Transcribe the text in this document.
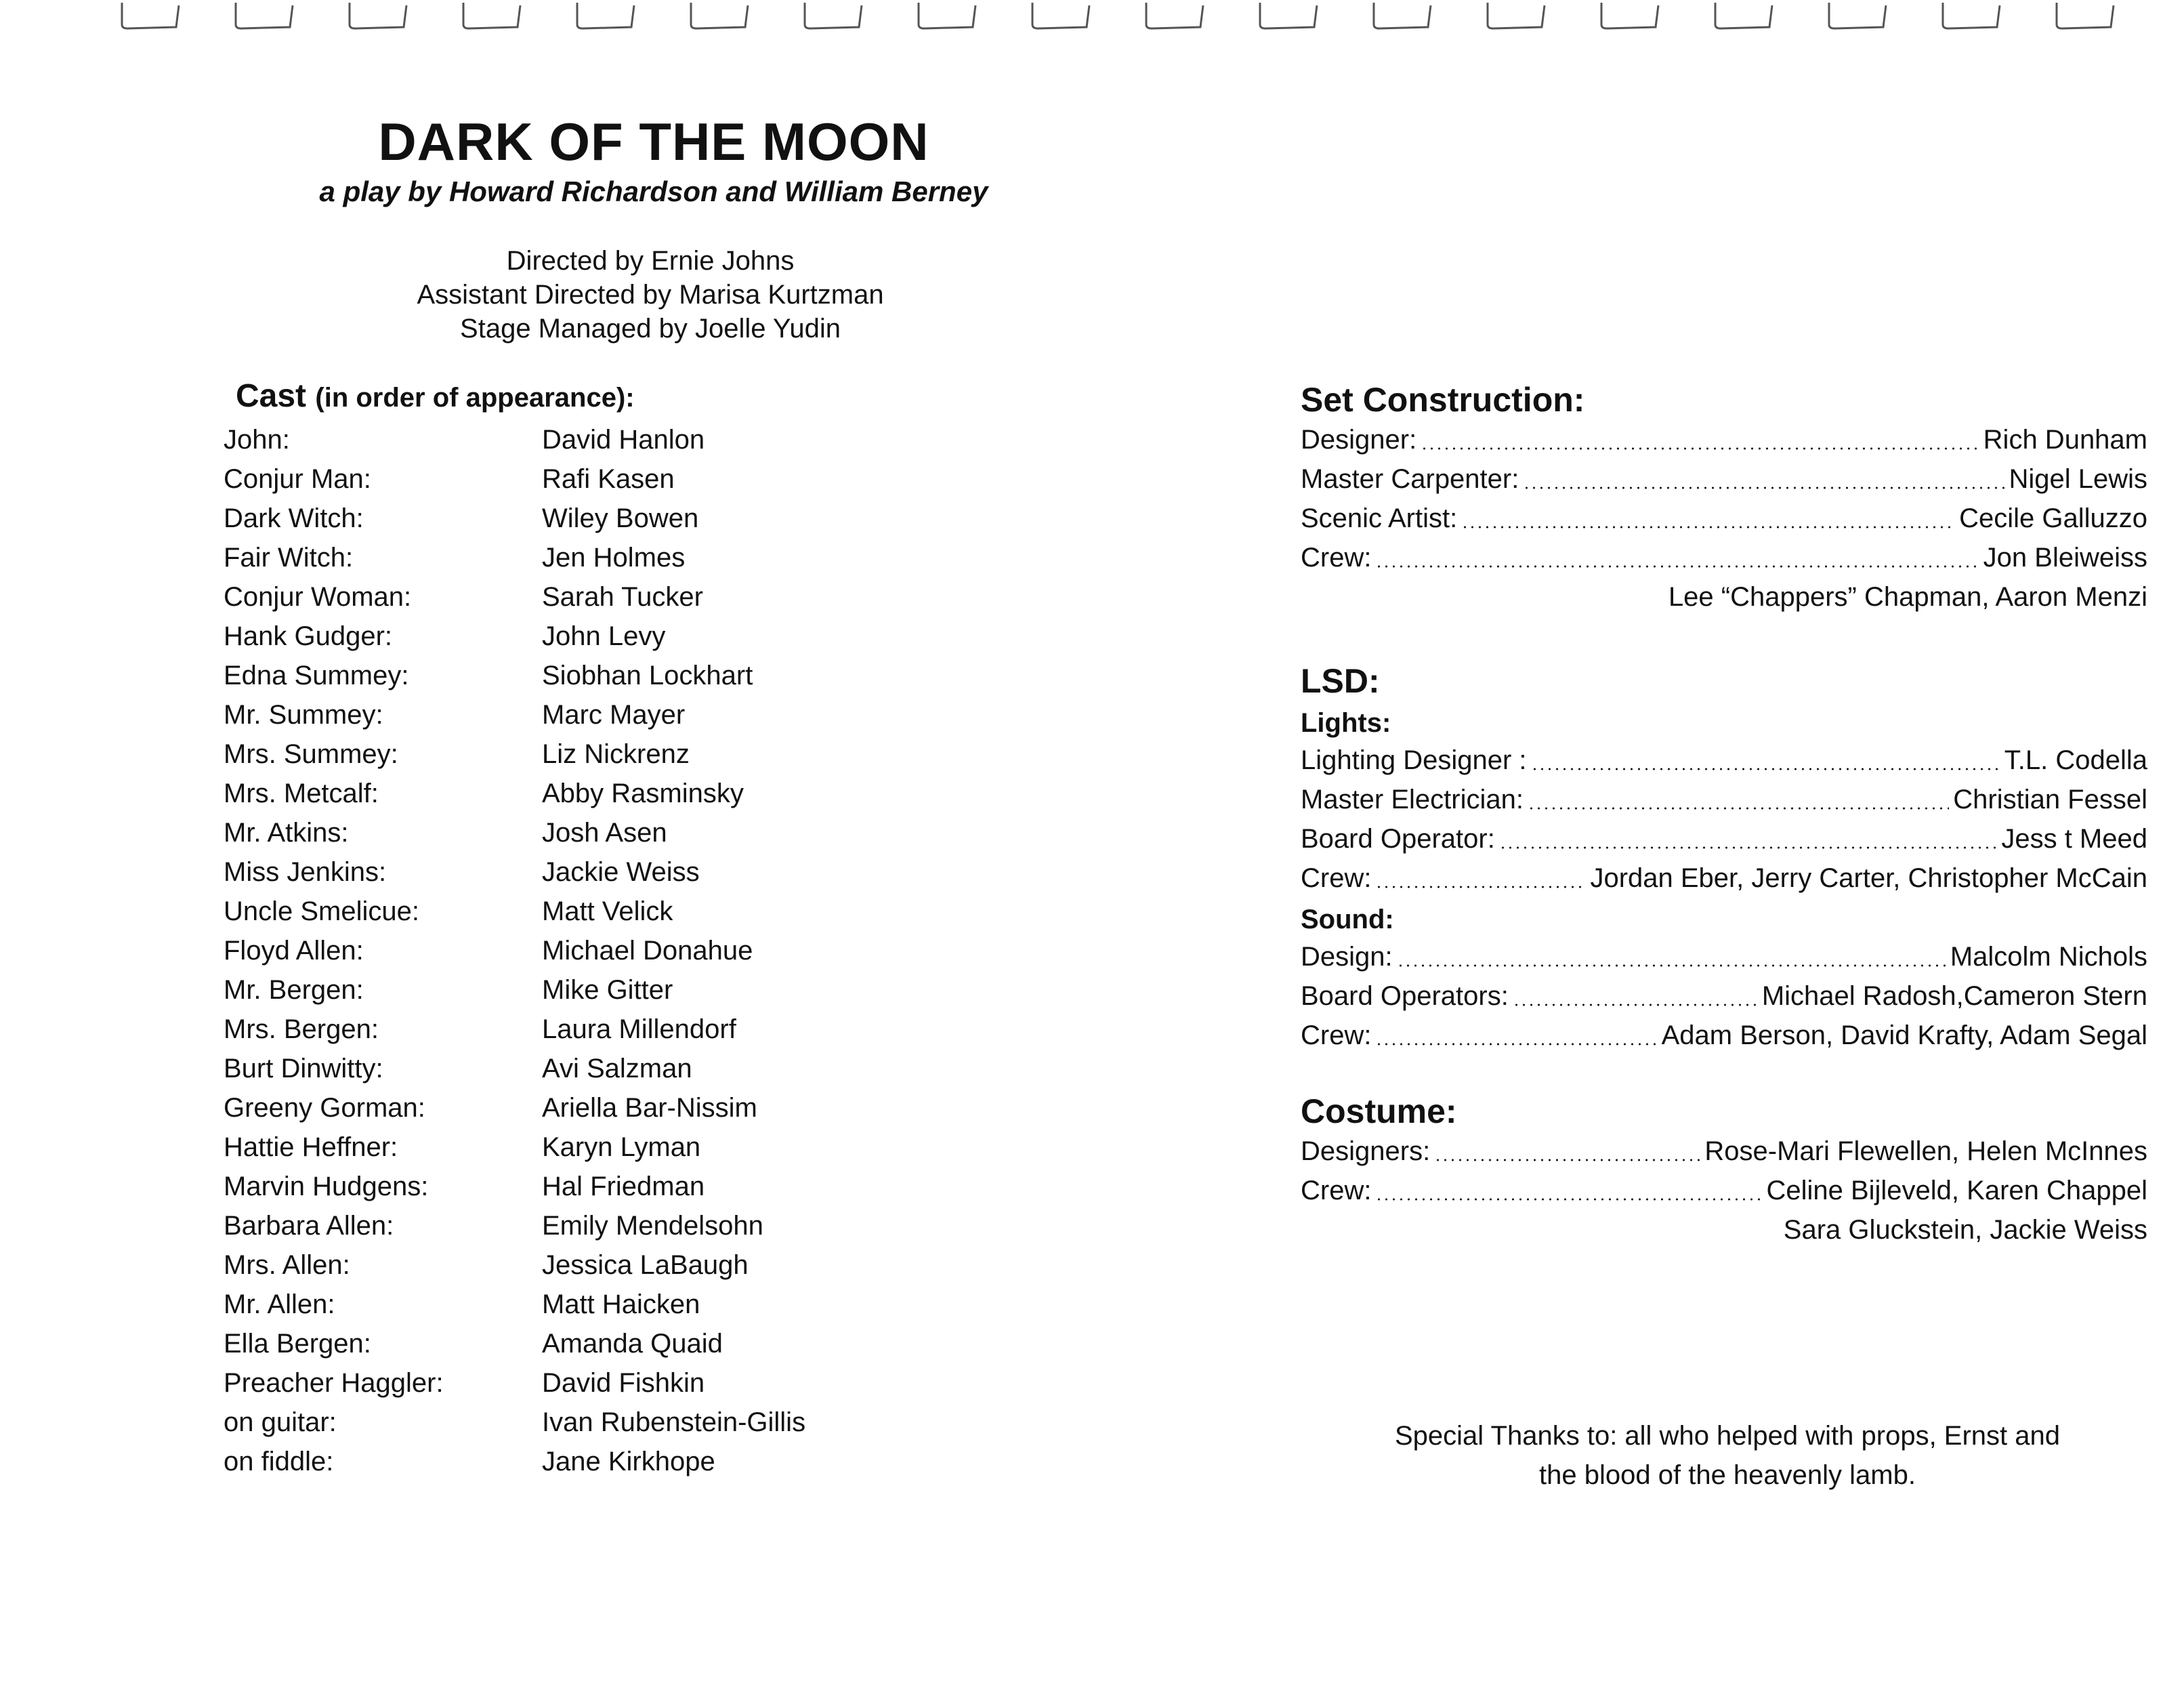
DARK OF THE MOON
a play by Howard Richardson and William Berney
Directed by Ernie Johns
Assistant Directed by Marisa Kurtzman
Stage Managed by Joelle Yudin
Cast (in order of appearance):
John:	David Hanlon
Conjur Man:	Rafi Kasen
Dark Witch:	Wiley Bowen
Fair Witch:	Jen Holmes
Conjur Woman:	Sarah Tucker
Hank Gudger:	John Levy
Edna Summey:	Siobhan Lockhart
Mr. Summey:	Marc Mayer
Mrs. Summey:	Liz Nickrenz
Mrs. Metcalf:	Abby Rasminsky
Mr. Atkins:	Josh Asen
Miss Jenkins:	Jackie Weiss
Uncle Smelicue:	Matt Velick
Floyd Allen:	Michael Donahue
Mr. Bergen:	Mike Gitter
Mrs. Bergen:	Laura Millendorf
Burt Dinwitty:	Avi Salzman
Greeny Gorman:	Ariella Bar-Nissim
Hattie Heffner:	Karyn Lyman
Marvin Hudgens:	Hal Friedman
Barbara Allen:	Emily Mendelsohn
Mrs. Allen:	Jessica LaBaugh
Mr. Allen:	Matt Haicken
Ella Bergen:	Amanda Quaid
Preacher Haggler:	David Fishkin
on guitar:	Ivan Rubenstein-Gillis
on fiddle:	Jane Kirkhope
Set Construction:
Designer:	Rich Dunham
Master Carpenter:	Nigel Lewis
Scenic Artist:	Cecile Galluzzo
Crew:	Jon Bleiweiss
Lee “Chappers” Chapman, Aaron Menzi
LSD:
Lights:
Lighting Designer :	T.L. Codella
Master Electrician:	Christian Fessel
Board Operator:	Jess t Meed
Crew:	Jordan Eber, Jerry Carter, Christopher McCain
Sound:
Design:	Malcolm Nichols
Board Operators:	Michael Radosh,Cameron Stern
Crew:	Adam Berson, David Krafty, Adam Segal
Costume:
Designers:	Rose-Mari Flewellen, Helen McInnes
Crew:	Celine Bijleveld, Karen Chappel
Sara Gluckstein, Jackie Weiss
Special Thanks to: all who helped with props, Ernst and
the blood of the heavenly lamb.
